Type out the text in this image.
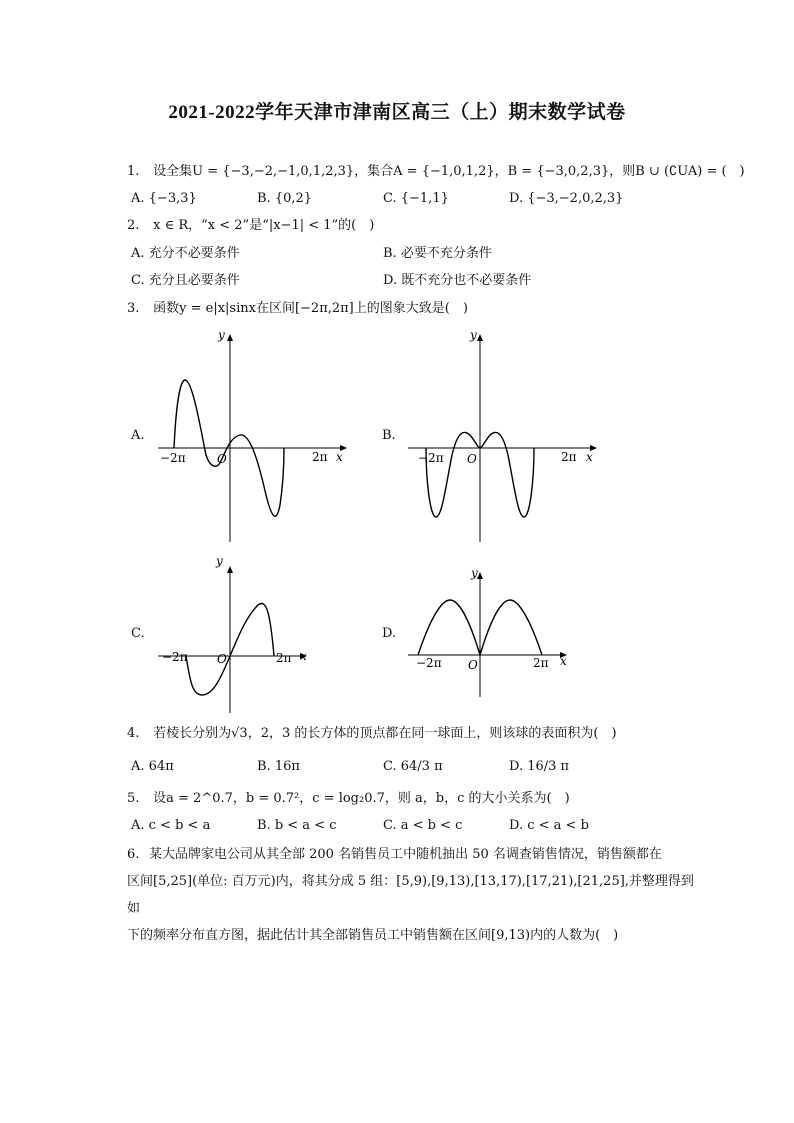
2021-2022学年天津市津南区高三（上）期末数学试卷
1. 设全集U = {−3,−2,−1,0,1,2,3}，集合A = {−1,0,1,2}，B = {−3,0,2,3}，则B ∪ (∁UA) = (　)
A. {−3,3}	B. {0,2}	C. {−1,1}	D. {−3,−2,0,2,3}
2. x ∈ R，“x < 2”是“|x−1| < 1”的(　)
A. 充分不必要条件	B. 必要不充分条件
C. 充分且必要条件	D. 既不充分也不必要条件
3. 函数y = e|x|sinx在区间[−2π,2π]上的图象大致是(　)
A.
−2π	O	2π x
y
B.
−2π O	2π x
y
C.
−2π O	2π x
y
D.
−2π O	2π x
y
4. 若棱长分别为√3，2，3 的长方体的顶点都在同一球面上，则该球的表面积为(　)
A. 64π	B. 16π	C. 64/3 π	D. 16/3 π
5. 设a = 2^0.7，b = 0.7²，c = log₂0.7，则 a，b，c 的大小关系为(　)
A. c < b < a	B. b < a < c	C. a < b < c	D. c < a < b

6. 某大品牌家电公司从其全部 200 名销售员工中随机抽出 50 名调查销售情况，销售额都在

区间[5,25](单位: 百万元)内，将其分成 5 组：[5,9),[9,13),[13,17),[17,21),[21,25],并整理得到如

下的频率分布直方图，据此估计其全部销售员工中销售额在区间[9,13)内的人数为(　)
